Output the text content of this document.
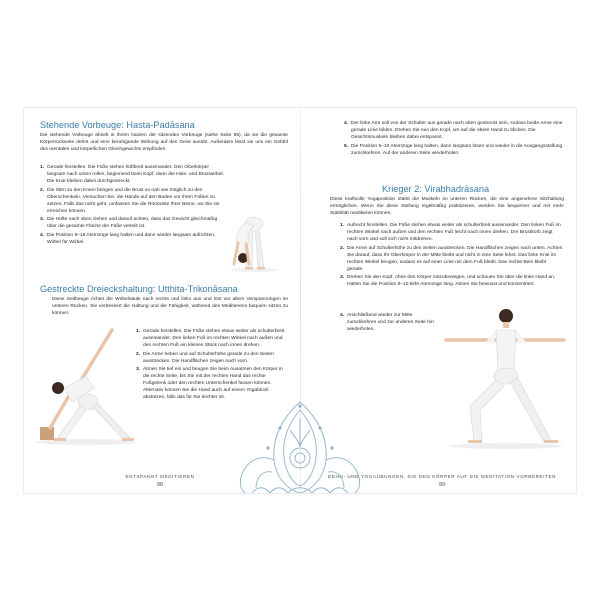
Stehende Vorbeuge: Hasta-Padāsana

Die stehende Vorbeuge ähnelt in ihrem Nutzen der sitzenden Vorbeuge (siehe Seite 95), da sie die gesamte Körperrückseite dehnt und eine beruhigende Wirkung auf den Geist ausübt. Außerdem lässt sie uns ein Gefühl des mentalen und körperlichen Gleichgewichts empfinden.

1. Gerade hinstellen. Die Füße stehen hüftbreit auseinander. Den Oberkörper langsam nach unten rollen, beginnend beim Kopf, dann die Hals- und Brustwirbel. Die Knie bleiben dabei durchgestreckt.
2. Die Stirn zu den Knien bringen und die Brust so nah wie möglich zu den Oberschenkeln. Versuchen Sie, die Hände auf den Boden vor Ihren Füßen zu setzen. Falls das nicht geht, umfassen Sie die Rückseite Ihrer Beine, wo Sie sie erreichen können.
3. Die Hüfte nach oben ziehen und darauf achten, dass das Gewicht gleichmäßig über die gesamte Fläche der Füße verteilt ist.
4. Die Position 8–15 Atemzüge lang halten und dann wieder langsam aufrichten, Wirbel für Wirbel.
Gestreckte Dreieckshaltung: Utthita-Trikonāsana

Diese Seitbeuge richtet die Wirbelsäule nach rechts und links aus und löst vor allem Verspannungen im unteren Rücken. Sie verbessert die Haltung und die Fähigkeit, während des Meditierens bequem sitzen zu können.

1. Gerade hinstellen. Die Füße stehen etwas weiter als schulterbreit auseinander. Den linken Fuß im rechten Winkel nach außen und den rechten Fuß ein kleines Stück nach innen drehen.
2. Die Arme heben und auf Schulterhöhe gerade zu den Seiten ausstrecken. Die Handflächen zeigen nach vorn.
3. Atmen Sie tief ein und beugen Sie beim Ausatmen den Körper in die rechte Seite, bis Sie mit der rechten Hand das rechte Fußgelenk oder den rechten Unterschenkel fassen können. Alternativ können Sie die Hand auch auf einem Yogablock abstützen, falls das für Sie leichter ist.
ENTSPANNT MEDITIEREN
98
4. Der linke Arm soll von der Schulter aus gerade nach oben gestreckt sein, sodass beide Arme eine gerade Linie bilden. Drehen Sie nun den Kopf, um auf die obere Hand zu blicken. Die Gesichtsmuskeln bleiben dabei entspannt.
5. Die Position 5–10 Atemzüge lang halten, dann langsam lösen und wieder in die Ausgangsstellung zurückkehren. Auf der anderen Seite wiederholen.
Krieger 2: Virabhadrāsana

Diese kraftvolle Yogaposition stärkt die Muskeln im unteren Rücken, die eine angenehme Sitzhaltung ermöglichen. Wenn Sie diese Stellung regelmäßig praktizieren, werden Sie bequemer und mit mehr Stabilität meditieren können.

1. Aufrecht hinstellen. Die Füße stehen etwas weiter als schulterbreit auseinander. Den linken Fuß im rechten Winkel nach außen und den rechten Fuß leicht nach innen drehen. Der Brustkorb zeigt nach vorn und soll sich nicht mitdrehen.
2. Die Arme auf Schulterhöhe zu den Seiten ausstrecken. Die Handflächen zeigen nach unten. Achten Sie darauf, dass Ihr Oberkörper in der Mitte bleibt und nicht in eine Seite lehnt. Das linke Knie im rechten Winkel beugen, sodass es auf einer Linie mit dem Fuß bleibt. Das rechte Bein bleibt gerade.
3. Drehen Sie den Kopf, ohne den Körper mitzubewegen, und schauen Sie über die linke Hand an. Halten Sie die Position 5–10 tiefe Atemzüge lang. Atmen Sie bewusst und konzentriert.
4. Anschließend wieder zur Mitte zurückkehren und zur anderen Seite hin wiederholen.
DEHN- UND YOGAÜBUNGEN, DIE DEN KÖRPER AUF DIE MEDITATION VORBEREITEN
99
